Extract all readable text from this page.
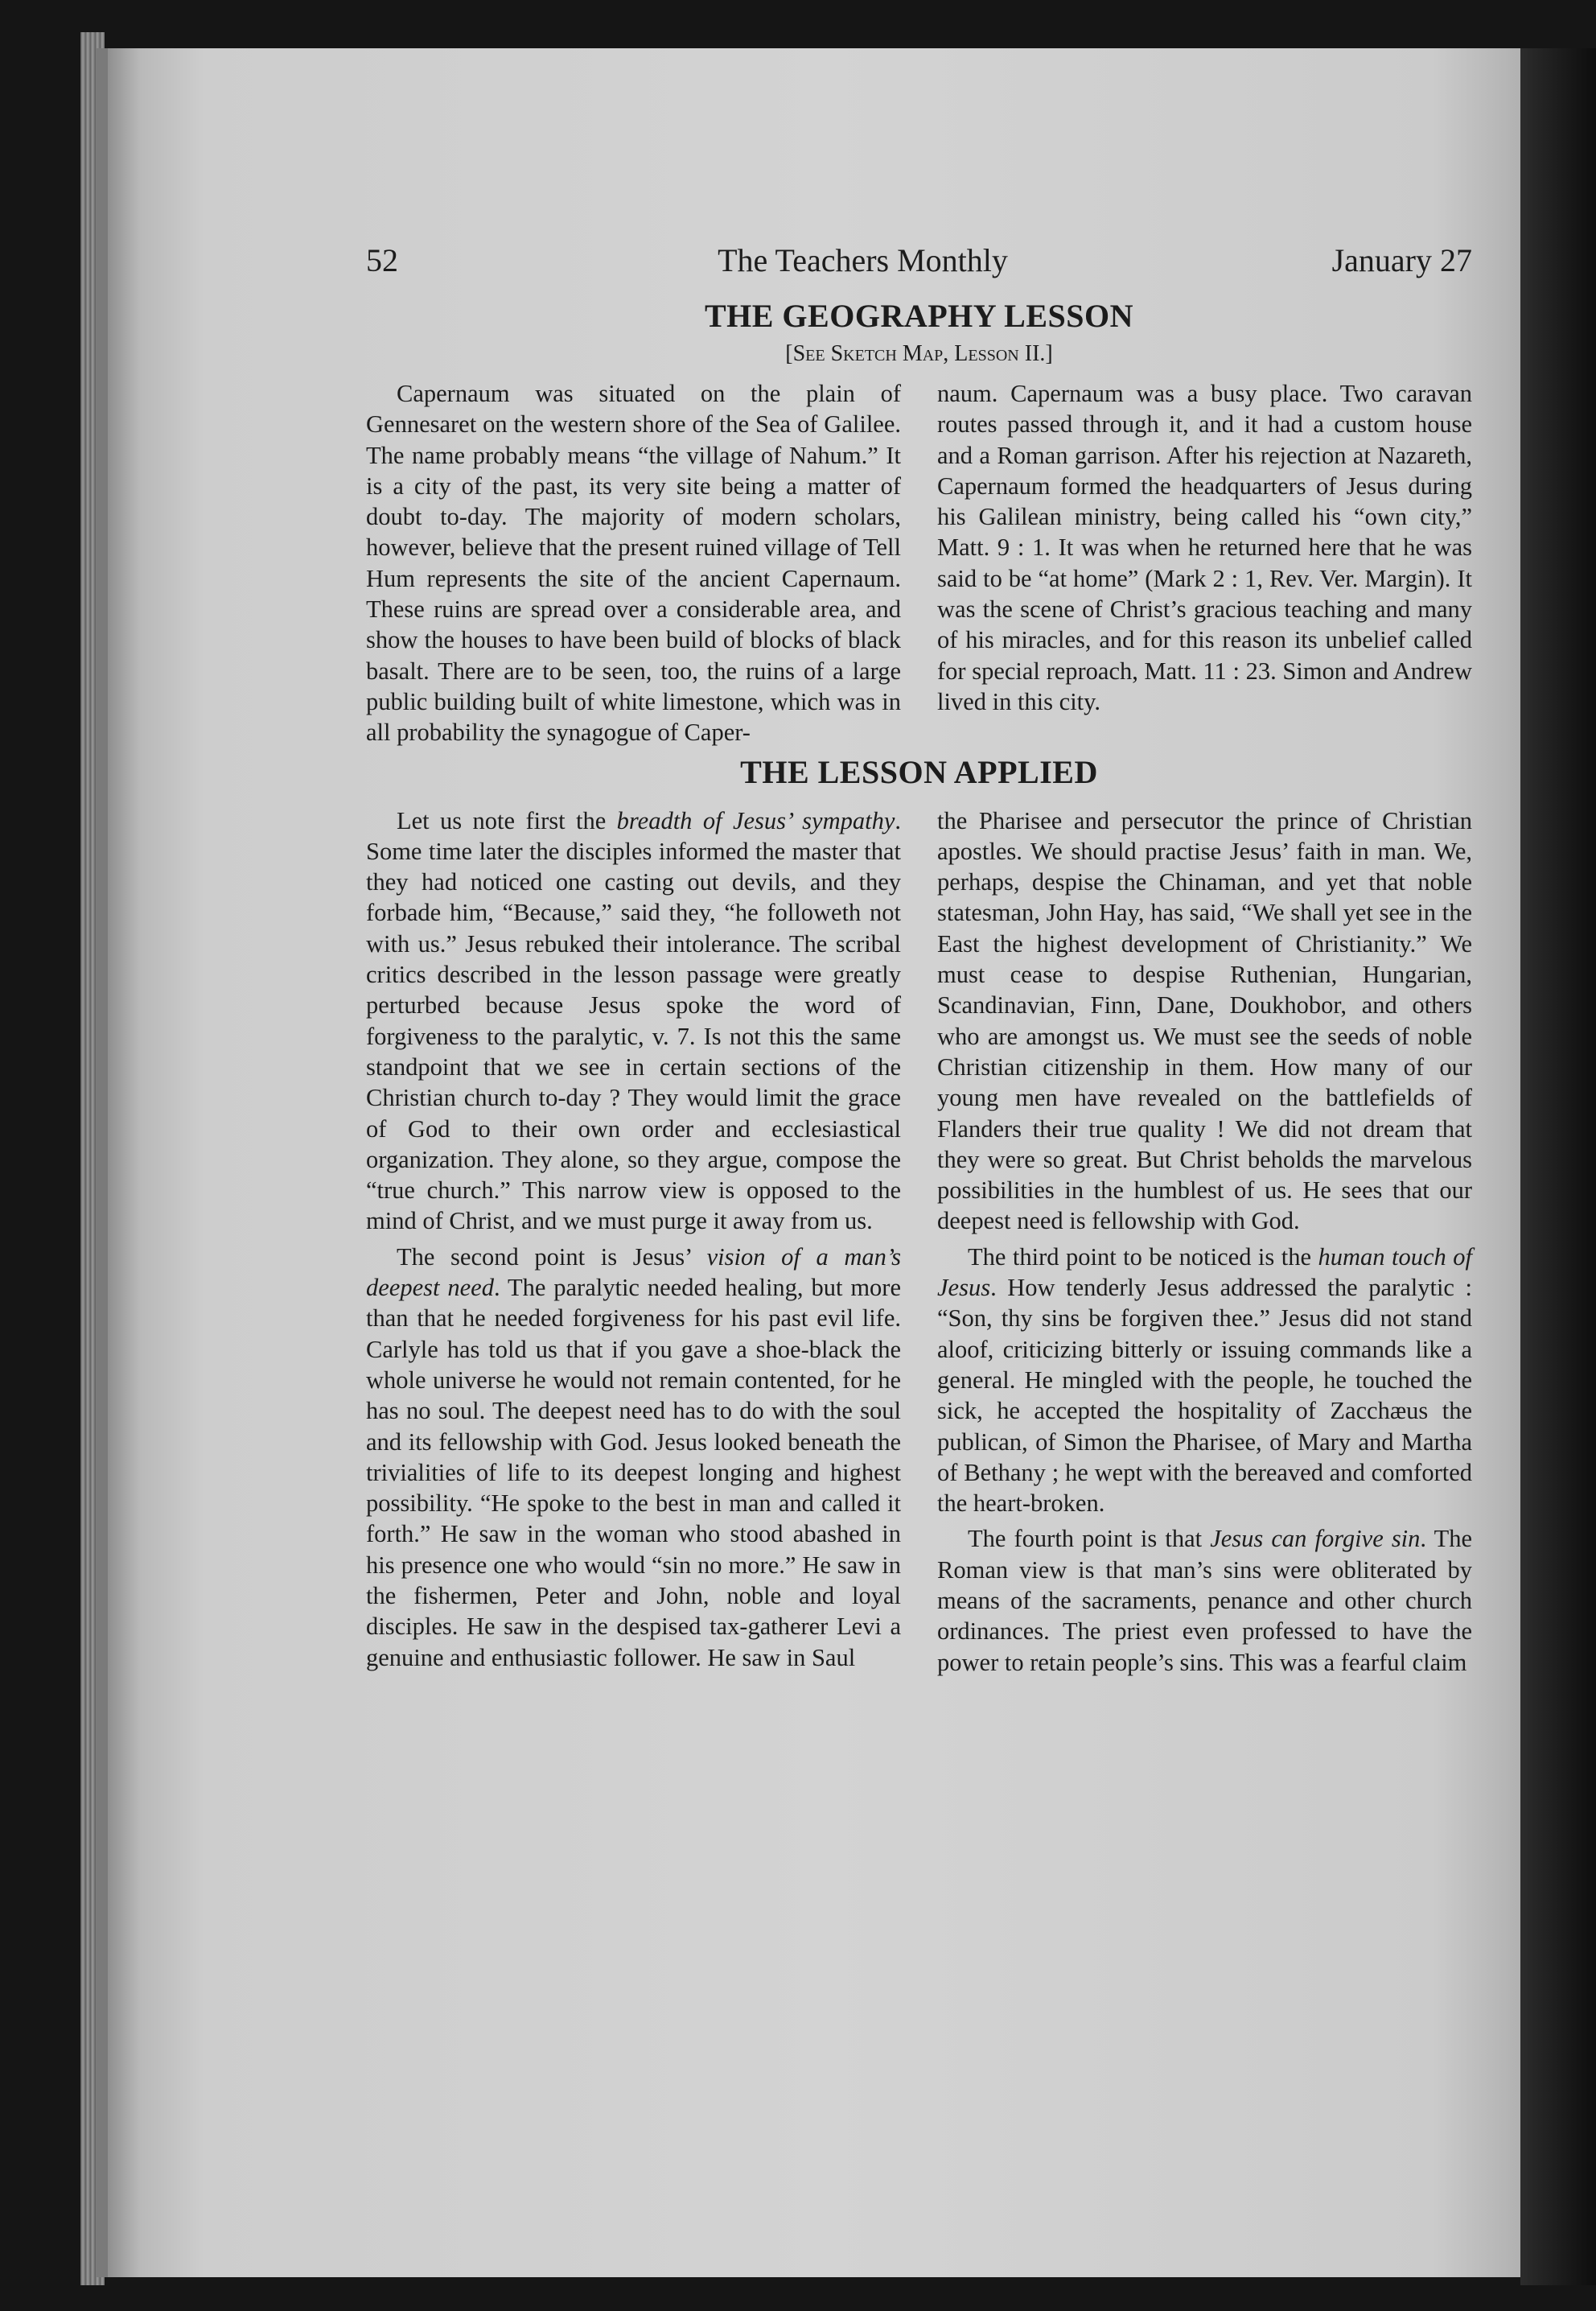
52	The Teachers Monthly	January 27
THE GEOGRAPHY LESSON
[See Sketch Map, Lesson II.]

Capernaum was situated on the plain of Gennesaret on the western shore of the Sea of Galilee. The name probably means “the village of Nahum.” It is a city of the past, its very site being a matter of doubt to-day. The majority of modern scholars, however, believe that the present ruined village of Tell Hum represents the site of the ancient Capernaum. These ruins are spread over a considerable area, and show the houses to have been build of blocks of black basalt. There are to be seen, too, the ruins of a large public building built of white limestone, which was in all probability the synagogue of Caper-

naum. Capernaum was a busy place. Two caravan routes passed through it, and it had a custom house and a Roman garrison. After his rejection at Nazareth, Capernaum formed the headquarters of Jesus during his Galilean ministry, being called his “own city,” Matt. 9 : 1. It was when he returned here that he was said to be “at home” (Mark 2 : 1, Rev. Ver. Margin). It was the scene of Christ’s gracious teaching and many of his miracles, and for this reason its unbelief called for special reproach, Matt. 11 : 23. Simon and Andrew lived in this city.

THE LESSON APPLIED

Let us note first the breadth of Jesus’ sympathy. Some time later the disciples informed the master that they had noticed one casting out devils, and they forbade him, “Because,” said they, “he followeth not with us.” Jesus rebuked their intolerance. The scribal critics described in the lesson passage were greatly perturbed because Jesus spoke the word of forgiveness to the paralytic, v. 7. Is not this the same standpoint that we see in certain sections of the Christian church to-day ? They would limit the grace of God to their own order and ecclesiastical organization. They alone, so they argue, compose the “true church.” This narrow view is opposed to the mind of Christ, and we must purge it away from us.

The second point is Jesus’ vision of a man’s deepest need. The paralytic needed healing, but more than that he needed forgiveness for his past evil life. Carlyle has told us that if you gave a shoe-black the whole universe he would not remain contented, for he has no soul. The deepest need has to do with the soul and its fellowship with God. Jesus looked beneath the trivialities of life to its deepest longing and highest possibility. “He spoke to the best in man and called it forth.” He saw in the woman who stood abashed in his presence one who would “sin no more.” He saw in the fishermen, Peter and John, noble and loyal disciples. He saw in the despised tax-gatherer Levi a genuine and enthusiastic follower. He saw in Saul

the Pharisee and persecutor the prince of Christian apostles. We should practise Jesus’ faith in man. We, perhaps, despise the Chinaman, and yet that noble statesman, John Hay, has said, “We shall yet see in the East the highest development of Christianity.” We must cease to despise Ruthenian, Hungarian, Scandinavian, Finn, Dane, Doukhobor, and others who are amongst us. We must see the seeds of noble Christian citizenship in them. How many of our young men have revealed on the battlefields of Flanders their true quality ! We did not dream that they were so great. But Christ beholds the marvelous possibilities in the humblest of us. He sees that our deepest need is fellowship with God.

The third point to be noticed is the human touch of Jesus. How tenderly Jesus addressed the paralytic : “Son, thy sins be forgiven thee.” Jesus did not stand aloof, criticizing bitterly or issuing commands like a general. He mingled with the people, he touched the sick, he accepted the hospitality of Zacchæus the publican, of Simon the Pharisee, of Mary and Martha of Bethany ; he wept with the bereaved and comforted the heart-broken.

The fourth point is that Jesus can forgive sin. The Roman view is that man’s sins were obliterated by means of the sacraments, penance and other church ordinances. The priest even professed to have the power to retain people’s sins. This was a fearful claim
